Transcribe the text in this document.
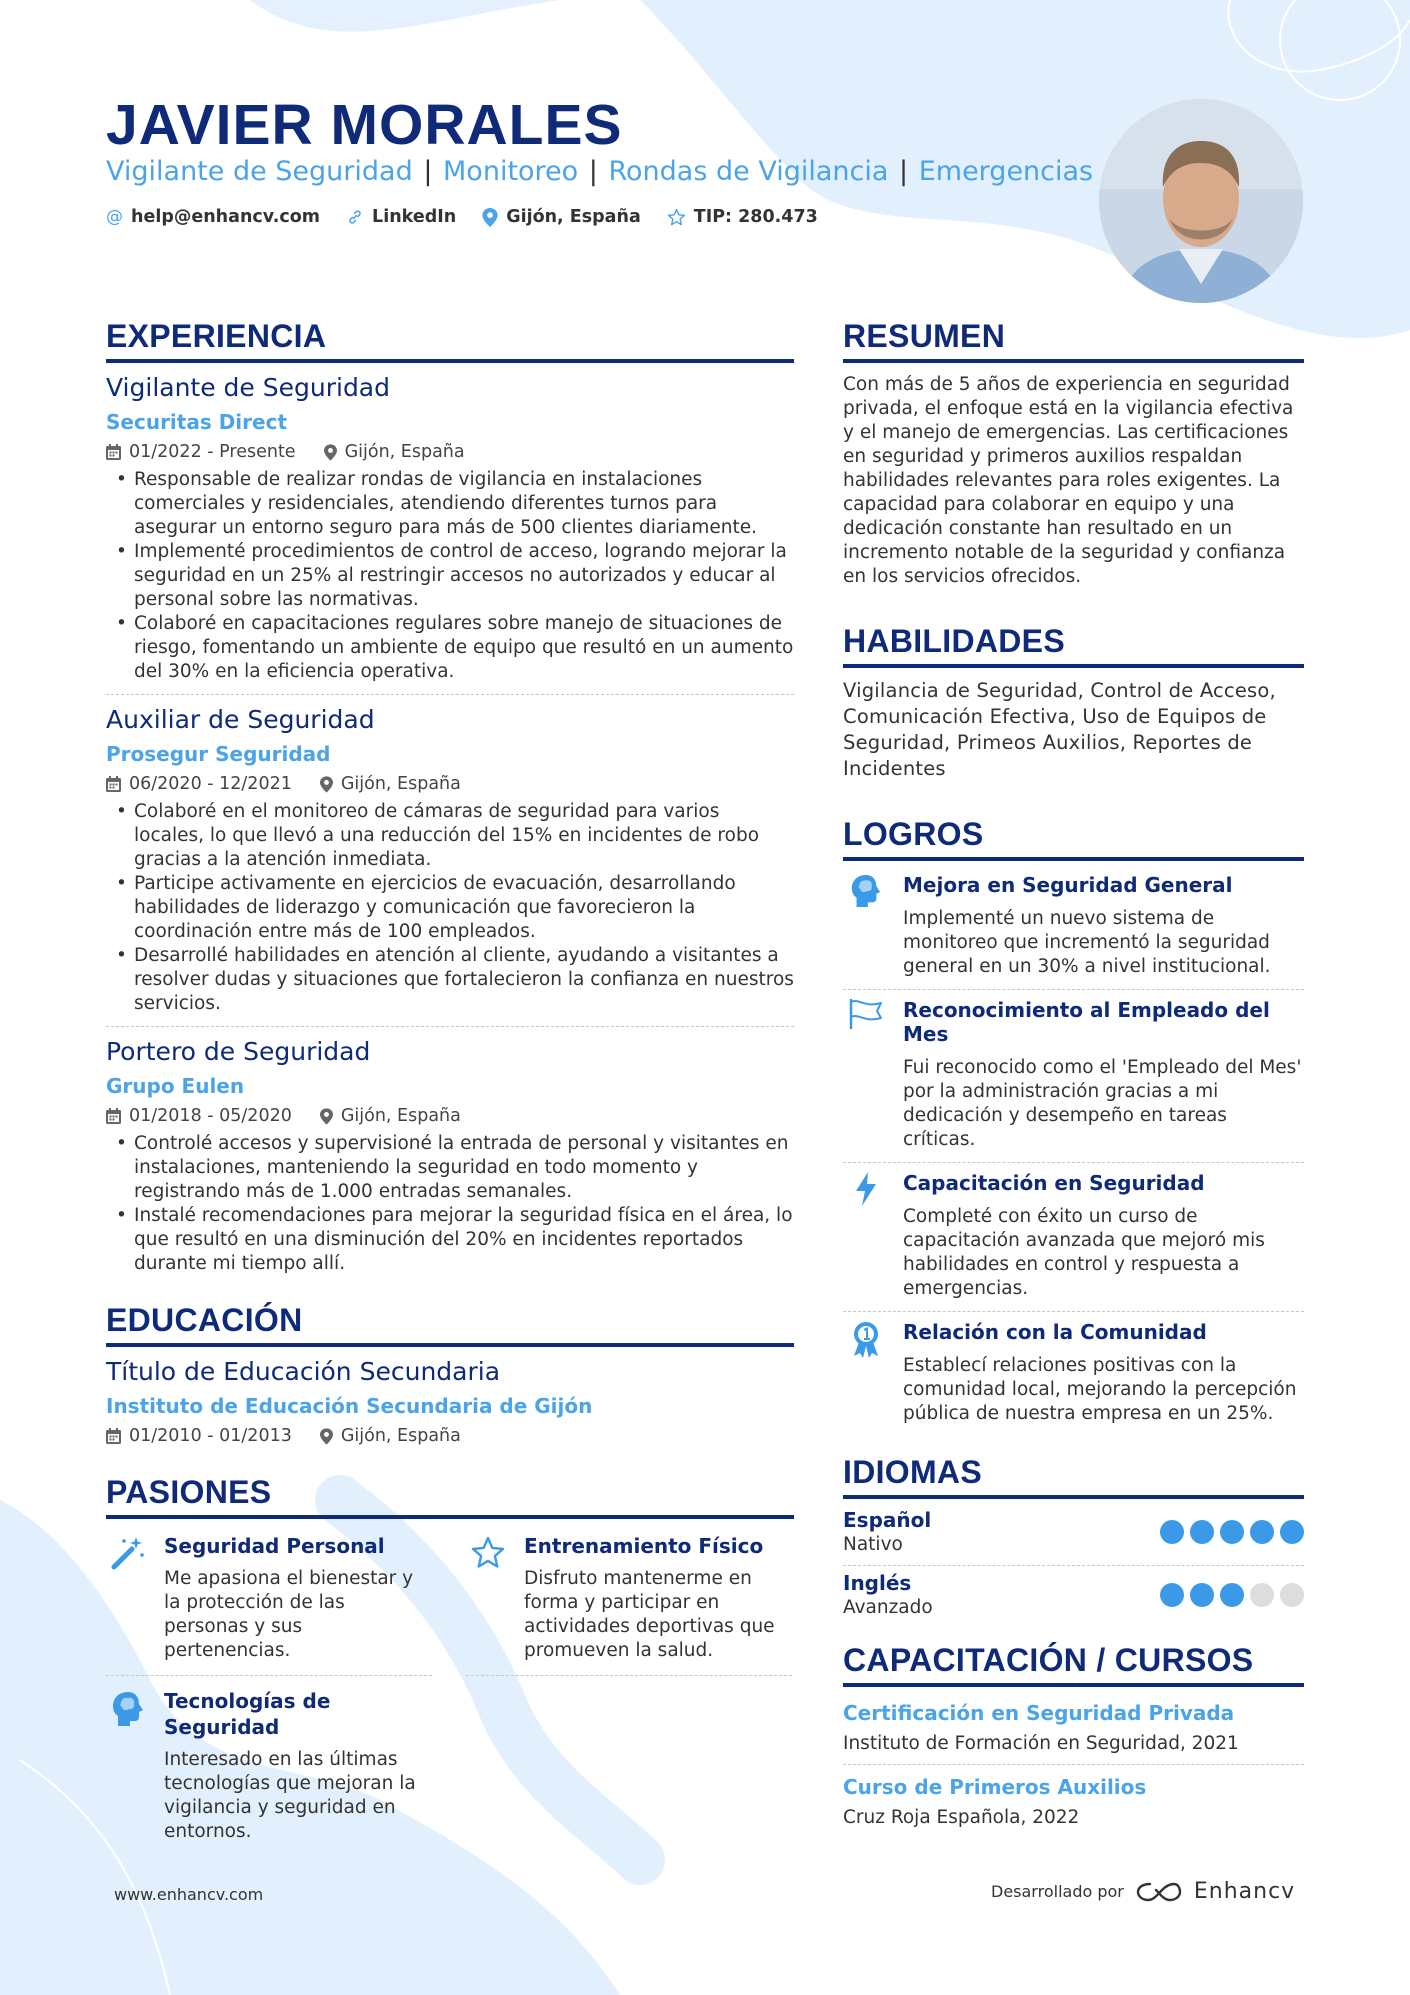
JAVIER MORALES
Vigilante de Seguridad | Monitoreo | Rondas de Vigilancia | Emergencias
@ help@enhancv.com	LinkedIn	Gijón, España	TIP: 280.473
EXPERIENCIA
Vigilante de Seguridad
Securitas Direct
01/2022 - Presente	Gijón, España
• Responsable de realizar rondas de vigilancia en instalaciones comerciales y residenciales, atendiendo diferentes turnos para asegurar un entorno seguro para más de 500 clientes diariamente.
• Implementé procedimientos de control de acceso, logrando mejorar la seguridad en un 25% al restringir accesos no autorizados y educar al personal sobre las normativas.
• Colaboré en capacitaciones regulares sobre manejo de situaciones de riesgo, fomentando un ambiente de equipo que resultó en un aumento del 30% en la eficiencia operativa.
Auxiliar de Seguridad
Prosegur Seguridad
06/2020 - 12/2021	Gijón, España
• Colaboré en el monitoreo de cámaras de seguridad para varios locales, lo que llevó a una reducción del 15% en incidentes de robo gracias a la atención inmediata.
• Participe activamente en ejercicios de evacuación, desarrollando habilidades de liderazgo y comunicación que favorecieron la coordinación entre más de 100 empleados.
• Desarrollé habilidades en atención al cliente, ayudando a visitantes a resolver dudas y situaciones que fortalecieron la confianza en nuestros servicios.
Portero de Seguridad
Grupo Eulen
01/2018 - 05/2020	Gijón, España
• Controlé accesos y supervisioné la entrada de personal y visitantes en instalaciones, manteniendo la seguridad en todo momento y registrando más de 1.000 entradas semanales.
• Instalé recomendaciones para mejorar la seguridad física en el área, lo que resultó en una disminución del 20% en incidentes reportados durante mi tiempo allí.
EDUCACIÓN
Título de Educación Secundaria
Instituto de Educación Secundaria de Gijón
01/2010 - 01/2013	Gijón, España
PASIONES
Seguridad Personal
Me apasiona el bienestar y la protección de las personas y sus pertenencias.
Entrenamiento Físico
Disfruto mantenerme en forma y participar en actividades deportivas que promueven la salud.
Tecnologías de Seguridad
Interesado en las últimas tecnologías que mejoran la vigilancia y seguridad en entornos.
RESUMEN
Con más de 5 años de experiencia en seguridad privada, el enfoque está en la vigilancia efectiva y el manejo de emergencias. Las certificaciones en seguridad y primeros auxilios respaldan habilidades relevantes para roles exigentes. La capacidad para colaborar en equipo y una dedicación constante han resultado en un incremento notable de la seguridad y confianza en los servicios ofrecidos.
HABILIDADES
Vigilancia de Seguridad, Control de Acceso, Comunicación Efectiva, Uso de Equipos de Seguridad, Primeos Auxilios, Reportes de Incidentes
LOGROS
Mejora en Seguridad General
Implementé un nuevo sistema de monitoreo que incrementó la seguridad general en un 30% a nivel institucional.
Reconocimiento al Empleado del Mes
Fui reconocido como el 'Empleado del Mes' por la administración gracias a mi dedicación y desempeño en tareas críticas.
Capacitación en Seguridad
Completé con éxito un curso de capacitación avanzada que mejoró mis habilidades en control y respuesta a emergencias.
Relación con la Comunidad
Establecí relaciones positivas con la comunidad local, mejorando la percepción pública de nuestra empresa en un 25%.
IDIOMAS
Español
Nativo
Inglés
Avanzado
CAPACITACIÓN / CURSOS
Certificación en Seguridad Privada
Instituto de Formación en Seguridad, 2021
Curso de Primeros Auxilios
Cruz Roja Española, 2022
www.enhancv.com	Desarrollado por	Enhancv
